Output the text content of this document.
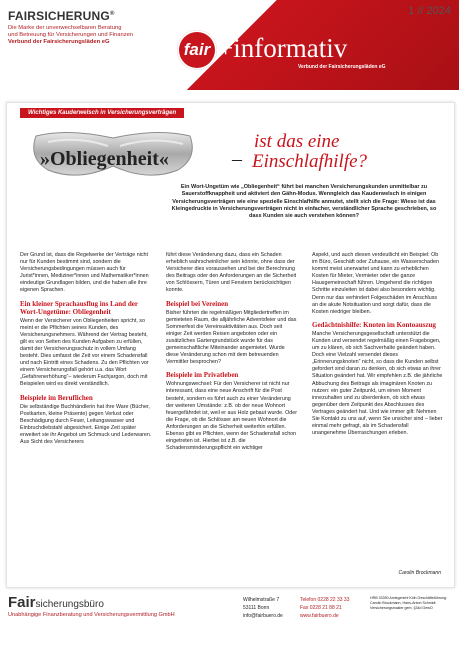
FAIRSICHERUNG®
Die Marke der unverwechselbaren Beratung
und Betreuung für Versicherungen und Finanzen
Verbund der Fairsicherungsläden eG
1 // 2024
fair +informativ
Verbund der Fairsicherungsläden eG
Wichtiges Kauderwelsch in Versicherungsverträgen
»Obliegenheit«	–
ist das eine
Einschlafhilfe?
Ein Wort-Ungetüm wie „Obliegenheit“ führt bei manchen Versicherungskunden unmittelbar zu Sauerstoffknappheit und aktiviert den Gähn-Modus. Wenngleich das Kauderwelsch in einigen Versicherungsverträgen wie eine spezielle Einschlafhilfe anmutet, stellt sich die Frage: Wieso ist das Kleingedruckte in Versicherungsverträgen nicht in einfacher, verständlicher Sprache geschrieben, so dass Kunden sie auch verstehen können?

Der Grund ist, dass die Regelwerke der Verträge nicht nur für Kunden bestimmt sind, sondern die Versicherungsbedingungen müssen auch für Jurist*innen, Mediziner*innen und Mathematiker*innen eindeutige Grundlagen bilden, und die haben alle ihre eigenen Sprachen.

Ein kleiner Sprachausflug ins Land der Wort-Ungetüme: Obliegenheit

Wenn der Versicherer von Obliegenheiten spricht, so meint er die Pflichten seines Kunden, des Versicherungsnehmers. Während der Vertrag besteht, gilt es von Seiten des Kunden Aufgaben zu erfüllen, damit der Versicherungsschutz in vollem Umfang besteht. Dies umfasst die Zeit vor einem Schadensfall und nach Eintritt eines Schadens. Zu den Pflichten vor einem Versicherungsfall gehört u.a. das Wort „Gefahrenerhöhung“– wiederum Fachjargon, doch mit Beispielen wird es direkt verständlich.

Beispiele im Beruflichen

Die selbständige Buchhändlerin hat ihre Ware (Bücher, Postkarten, kleine Präsente) gegen Verlust oder Beschädigung durch Feuer, Leitungswasser und Einbruchdiebstahl abgesichert. Einige Zeit später erweitert sie ihr Angebot um Schmuck und Lederwaren. Aus Sicht des Versicherers

führt diese Veränderung dazu, dass ein Schaden erheblich wahrscheinlicher sein könnte, ohne dass der Versicherer dies voraussehen und bei der Berechnung des Beitrags oder den Anforderungen an die Sicherheit von Schlössern, Türen und Fenstern berücksichtigen konnte.

Beispiel bei Vereinen

Bisher führten die regelmäßigen Mitgliedertreffen im gemieteten Raum, die alljährliche Adventsfeier und das Sommerfest die Vereinsaktivitäten aus. Doch seit einiger Zeit werden Reisen angeboten oder ein zusätzliches Gartengrundstück wurde für das gemeinschaftliche Miteinander angemietet. Wurde diese Veränderung schon mit dem betreuenden Vermittler besprochen?

Beispiele im Privatleben

Wohnungswechsel: Für den Versicherer ist nicht nur interessant, dass eine neue Anschrift für die Post besteht, sondern es führt auch zu einer Veränderung der weiteren Umstände: z.B. ob der neue Wohnort feuergefährdet ist, weil er aus Holz gebaut wurde. Oder die Frage, ob die Schlösser am neuen Wohnort die Anforderungen an die Sicherheit weiterhin erfüllen. Ebenso gibt es Pflichten, wenn der Schadensfall schon eingetreten ist. Hierbei ist z.B. die Schadensminderungspflicht ein wichtiger

Aspekt, und auch diesen verdeutlicht ein Beispiel: Ob im Büro, Geschäft oder Zuhause, ein Wasserschaden kommt meist unerwartet und kann zu erheblichen Kosten für Mieter, Vermieter oder die ganze Hausgemeinschaft führen. Umgehend die richtigen Schritte einzuleiten ist dabei also besonders wichtig. Denn nur das verhindert Folgeschäden im Anschluss an die akute Notsituation und sorgt dafür, dass die Kosten niedriger bleiben.

Gedächtnishilfe: Knoten im Kontoauszug

Manche Versicherungsgesellschaft unterstützt die Kunden und versendet regelmäßig einen Fragebogen, um zu klären, ob sich Sachverhalte geändert haben. Doch eine Vielzahl versendet dieses „Erinnerungsknoten“ nicht, so dass die Kunden selbst gefordert sind daran zu denken, ob sich etwas an ihrer Situation geändert hat. Wir empfehlen z.B. die jährliche Abbuchung des Beitrags als imaginären Knoten zu nutzen: ein guter Zeitpunkt, um einen Moment innezuhalten und zu überdenken, ob sich etwas gegenüber dem Zeitpunkt des Abschlusses des Vertrages geändert hat. Und wie immer gilt: Nehmen Sie Kontakt zu uns auf, wenn Sie unsicher sind – lieber einmal mehr gefragt, als im Schadensfall unangenehme Überraschungen erleben.

Carolin Brockmann
Fairsicherungsbüro
Unabhängige Finanzberatung und Versicherungsvermittlung GmbH
Wilhelmstraße 7
53111 Bonn
info@fairbuero.de
Telefon 0228 22 33 33
Fax 0228 21 88 21
www.fairbuero.de
HRB 33390 Amtsgericht Köln Geschäftsführung: Carolin Brockmann, Hans-Anton Schmidt Versicherungsmakler gem. §34d GewO
